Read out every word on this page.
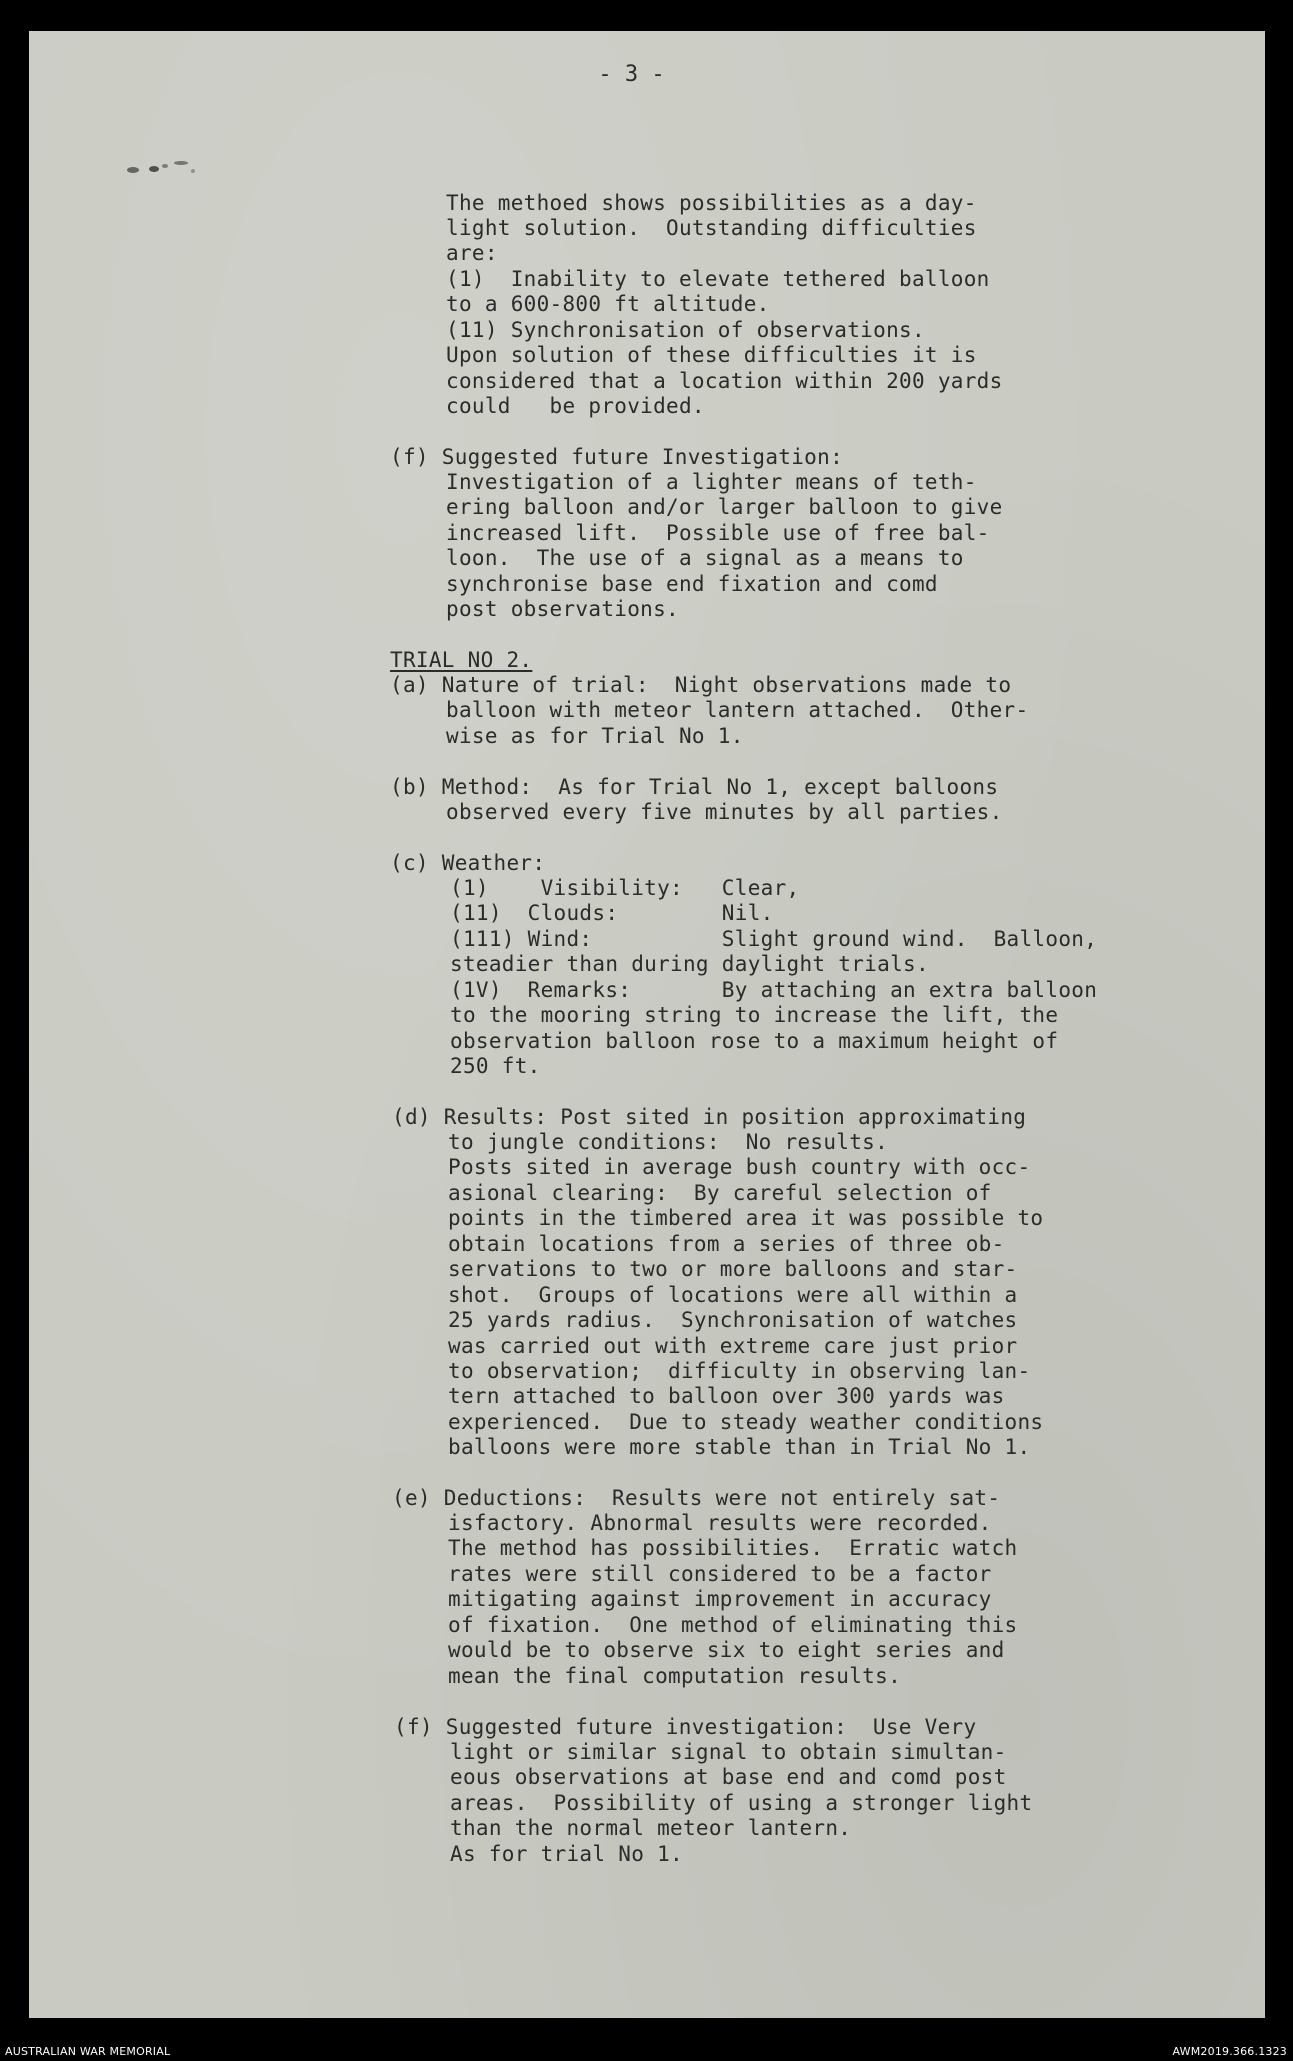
- 3 -
The methoed shows possibilities as a day-
light solution.  Outstanding difficulties
are:
(1)  Inability to elevate tethered balloon
to a 600-800 ft altitude.
(11) Synchronisation of observations.
Upon solution of these difficulties it is
considered that a location within 200 yards
could   be provided.
(f) Suggested future Investigation:
Investigation of a lighter means of teth-
ering balloon and/or larger balloon to give
increased lift.  Possible use of free bal-
loon.  The use of a signal as a means to
synchronise base end fixation and comd
post observations.
TRIAL NO 2.
(a) Nature of trial:  Night observations made to
balloon with meteor lantern attached.  Other-
wise as for Trial No 1.
(b) Method:  As for Trial No 1, except balloons
observed every five minutes by all parties.
(c) Weather:
(1)    Visibility:   Clear,
(11)  Clouds:        Nil.
(111) Wind:          Slight ground wind.  Balloon,
steadier than during daylight trials.
(1V)  Remarks:       By attaching an extra balloon
to the mooring string to increase the lift, the
observation balloon rose to a maximum height of
250 ft.
(d) Results: Post sited in position approximating
to jungle conditions:  No results.
Posts sited in average bush country with occ-
asional clearing:  By careful selection of
points in the timbered area it was possible to
obtain locations from a series of three ob-
servations to two or more balloons and star-
shot.  Groups of locations were all within a
25 yards radius.  Synchronisation of watches
was carried out with extreme care just prior
to observation;  difficulty in observing lan-
tern attached to balloon over 300 yards was
experienced.  Due to steady weather conditions
balloons were more stable than in Trial No 1.
(e) Deductions:  Results were not entirely sat-
isfactory. Abnormal results were recorded.
The method has possibilities.  Erratic watch
rates were still considered to be a factor
mitigating against improvement in accuracy
of fixation.  One method of eliminating this
would be to observe six to eight series and
mean the final computation results.
(f) Suggested future investigation:  Use Very
light or similar signal to obtain simultan-
eous observations at base end and comd post
areas.  Possibility of using a stronger light
than the normal meteor lantern.
As for trial No 1.
AUSTRALIAN WAR MEMORIAL	AWM2019.366.1323
